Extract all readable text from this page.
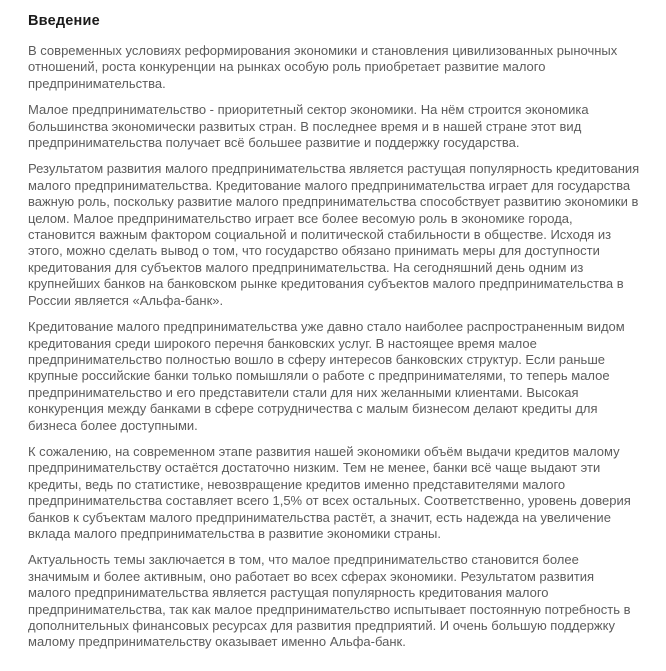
Введение

В современных условиях реформирования экономики и становления цивилизованных рыночных отношений, роста конкуренции на рынках особую роль приобретает развитие малого предпринимательства.

Малое предпринимательство - приоритетный сектор экономики. На нём строится экономика большинства экономически развитых стран. В последнее время и в нашей стране этот вид предпринимательства получает всё большее развитие и поддержку государства.

Результатом развития малого предпринимательства является растущая популярность кредитования малого предпринимательства. Кредитование малого предпринимательства играет для государства важную роль, поскольку развитие малого предпринимательства способствует развитию экономики в целом. Малое предпринимательство играет все более весомую роль в экономике города, становится важным фактором социальной и политической стабильности в обществе. Исходя из этого, можно сделать вывод о том, что государство обязано принимать меры для доступности кредитования для субъектов малого предпринимательства. На сегодняшний день одним из крупнейших банков на банковском рынке кредитования субъектов малого предпринимательства в России является «Альфа-банк».

Кредитование малого предпринимательства уже давно стало наиболее распространенным видом кредитования среди широкого перечня банковских услуг. В настоящее время малое предпринимательство полностью вошло в сферу интересов банковских структур. Если раньше крупные российские банки только помышляли о работе с предпринимателями, то теперь малое предпринимательство и его представители стали для них желанными клиентами. Высокая конкуренция между банками в сфере сотрудничества с малым бизнесом делают кредиты для бизнеса более доступными.

К сожалению, на современном этапе развития нашей экономики объём выдачи кредитов малому предпринимательству остаётся достаточно низким. Тем не менее, банки всё чаще выдают эти кредиты, ведь по статистике, невозвращение кредитов именно представителями малого предпринимательства составляет всего 1,5% от всех остальных. Соответственно, уровень доверия банков к субъектам малого предпринимательства растёт, а значит, есть надежда на увеличение вклада малого предпринимательства в развитие экономики страны.

Актуальность темы заключается в том, что малое предпринимательство становится более значимым и более активным, оно работает во всех сферах экономики. Результатом развития малого предпринимательства является растущая популярность кредитования малого предпринимательства, так как малое предпринимательство испытывает постоянную потребность в дополнительных финансовых ресурсах для развития предприятий. И очень большую поддержку малому предпринимательству оказывает именно Альфа-банк.
